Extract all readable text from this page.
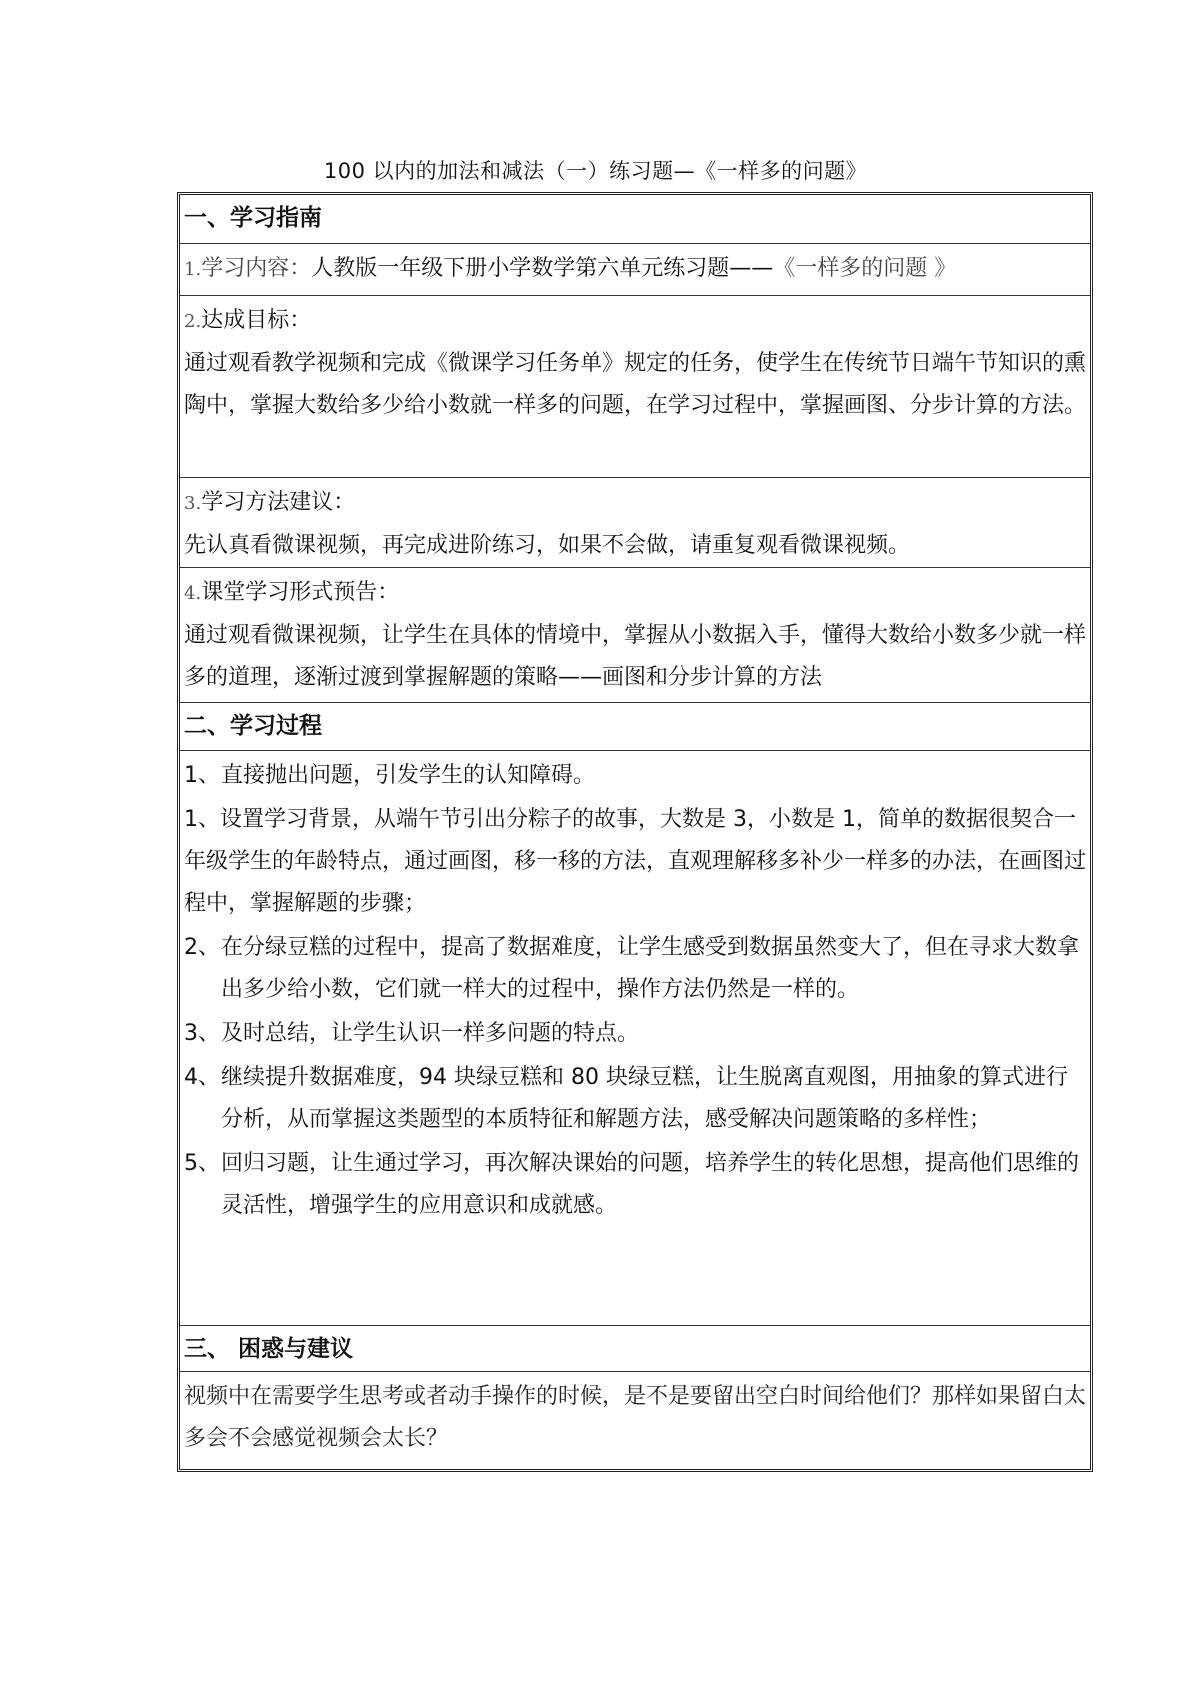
100 以内的加法和减法（一）练习题—《一样多的问题》
一、学习指南
1.学习内容：人教版一年级下册小学数学第六单元练习题——《一样多的问题 》
2.达成目标：
通过观看教学视频和完成《微课学习任务单》规定的任务，使学生在传统节日端午节知识的熏陶中，掌握大数给多少给小数就一样多的问题，在学习过程中，掌握画图、分步计算的方法。
3.学习方法建议：
先认真看微课视频，再完成进阶练习，如果不会做，请重复观看微课视频。
4.课堂学习形式预告：
通过观看微课视频，让学生在具体的情境中，掌握从小数据入手，懂得大数给小数多少就一样多的道理，逐渐过渡到掌握解题的策略——画图和分步计算的方法
二、学习过程
1、直接抛出问题，引发学生的认知障碍。
1、设置学习背景，从端午节引出分粽子的故事，大数是 3，小数是 1，简单的数据很契合一年级学生的年龄特点，通过画图，移一移的方法，直观理解移多补少一样多的办法，在画图过程中，掌握解题的步骤；
2、在分绿豆糕的过程中，提高了数据难度，让学生感受到数据虽然变大了，但在寻求大数拿出多少给小数，它们就一样大的过程中，操作方法仍然是一样的。
3、及时总结，让学生认识一样多问题的特点。
4、继续提升数据难度，94 块绿豆糕和 80 块绿豆糕，让生脱离直观图，用抽象的算式进行分析，从而掌握这类题型的本质特征和解题方法，感受解决问题策略的多样性；
5、回归习题，让生通过学习，再次解决课始的问题，培养学生的转化思想，提高他们思维的灵活性，增强学生的应用意识和成就感。
三、 困惑与建议
视频中在需要学生思考或者动手操作的时候，是不是要留出空白时间给他们？那样如果留白太多会不会感觉视频会太长？
